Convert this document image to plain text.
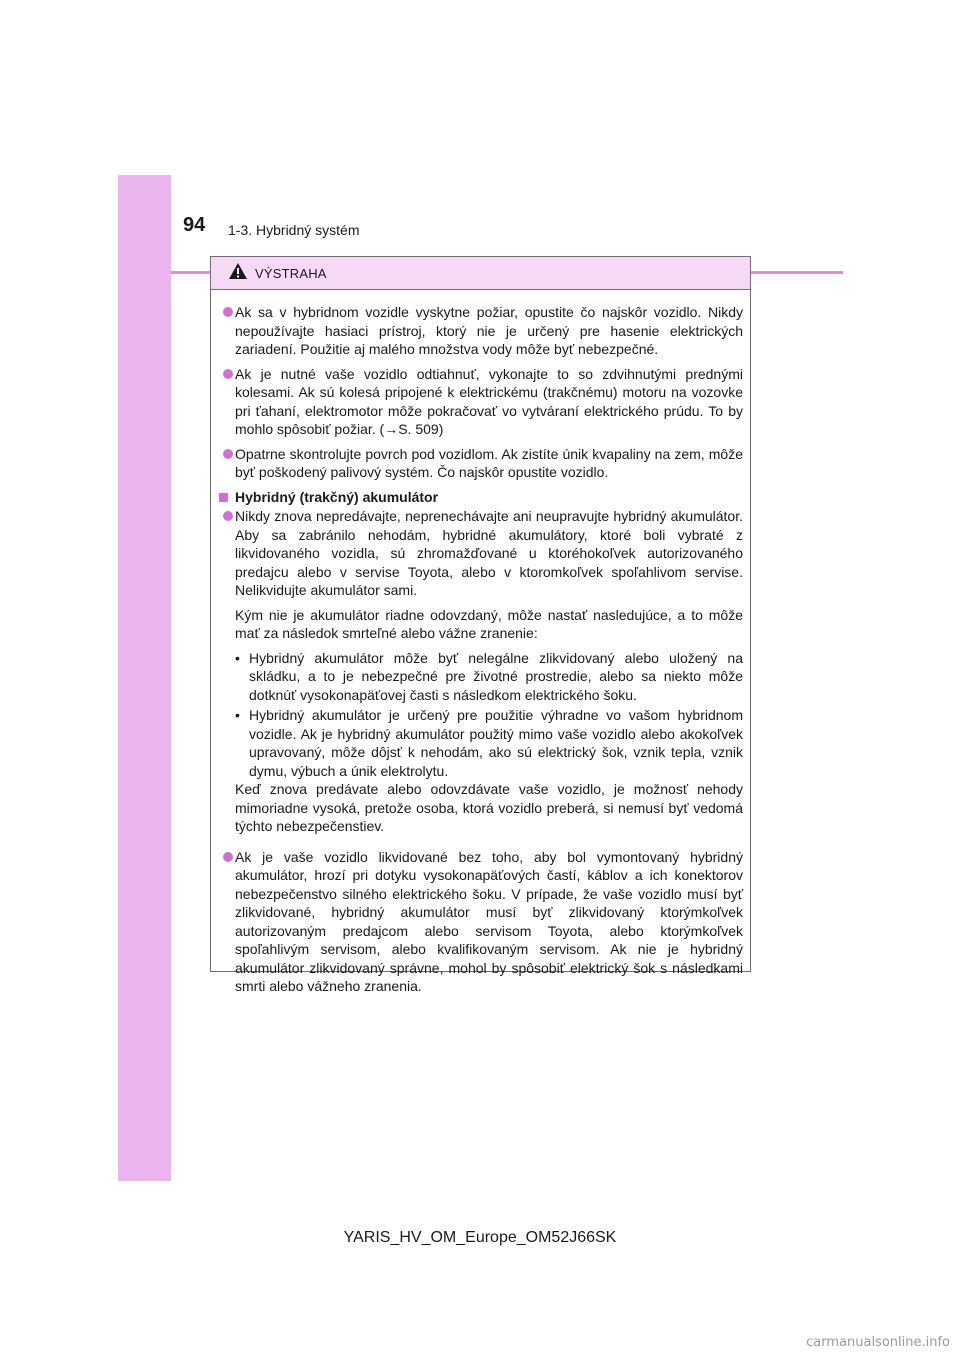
94 1-3. Hybridný systém
VÝSTRAHA
Ak sa v hybridnom vozidle vyskytne požiar, opustite čo najskôr vozidlo. Nikdy nepoužívajte hasiaci prístroj, ktorý nie je určený pre hasenie elektrických zariadení. Použitie aj malého množstva vody môže byť nebezpečné.
Ak je nutné vaše vozidlo odtiahnuť, vykonajte to so zdvihnutými prednými kolesami. Ak sú kolesá pripojené k elektrickému (trakčnému) motoru na vozovke pri ťahaní, elektromotor môže pokračovať vo vytváraní elektrického prúdu. To by mohlo spôsobiť požiar. (→S. 509)
Opatrne skontrolujte povrch pod vozidlom. Ak zistíte únik kvapaliny na zem, môže byť poškodený palivový systém. Čo najskôr opustite vozidlo.
Hybridný (trakčný) akumulátor
Nikdy znova nepredávajte, neprenechávajte ani neupravujte hybridný akumulátor. Aby sa zabránilo nehodám, hybridné akumulátory, ktoré boli vybraté z likvidovaného vozidla, sú zhromažďované u ktoréhokoľvek autorizovaného predajcu alebo v servise Toyota, alebo v ktoromkoľvek spoľahlivom servise. Nelikvidujte akumulátor sami.
Kým nie je akumulátor riadne odovzdaný, môže nastať nasledujúce, a to môže mať za následok smrteľné alebo vážne zranenie:
• Hybridný akumulátor môže byť nelegálne zlikvidovaný alebo uložený na skládku, a to je nebezpečné pre životné prostredie, alebo sa niekto môže dotknúť vysokonapäťovej časti s následkom elektrického šoku.
• Hybridný akumulátor je určený pre použitie výhradne vo vašom hybridnom vozidle. Ak je hybridný akumulátor použitý mimo vaše vozidlo alebo akokoľvek upravovaný, môže dôjsť k nehodám, ako sú elektrický šok, vznik tepla, vznik dymu, výbuch a únik elektrolytu.
Keď znova predávate alebo odovzdávate vaše vozidlo, je možnosť nehody mimoriadne vysoká, pretože osoba, ktorá vozidlo preberá, si nemusí byť vedomá týchto nebezpečenstiev.
Ak je vaše vozidlo likvidované bez toho, aby bol vymontovaný hybridný akumulátor, hrozí pri dotyku vysokonapäťových častí, káblov a ich konektorov nebezpečenstvo silného elektrického šoku. V prípade, že vaše vozidlo musí byť zlikvidované, hybridný akumulátor musí byť zlikvidovaný ktorýmkoľvek autorizovaným predajcom alebo servisom Toyota, alebo ktorýmkoľvek spoľahlivým servisom, alebo kvalifikovaným servisom. Ak nie je hybridný akumulátor zlikvidovaný správne, mohol by spôsobiť elektrický šok s následkami smrti alebo vážneho zranenia.
YARIS_HV_OM_Europe_OM52J66SK
carmanualsonline.info
